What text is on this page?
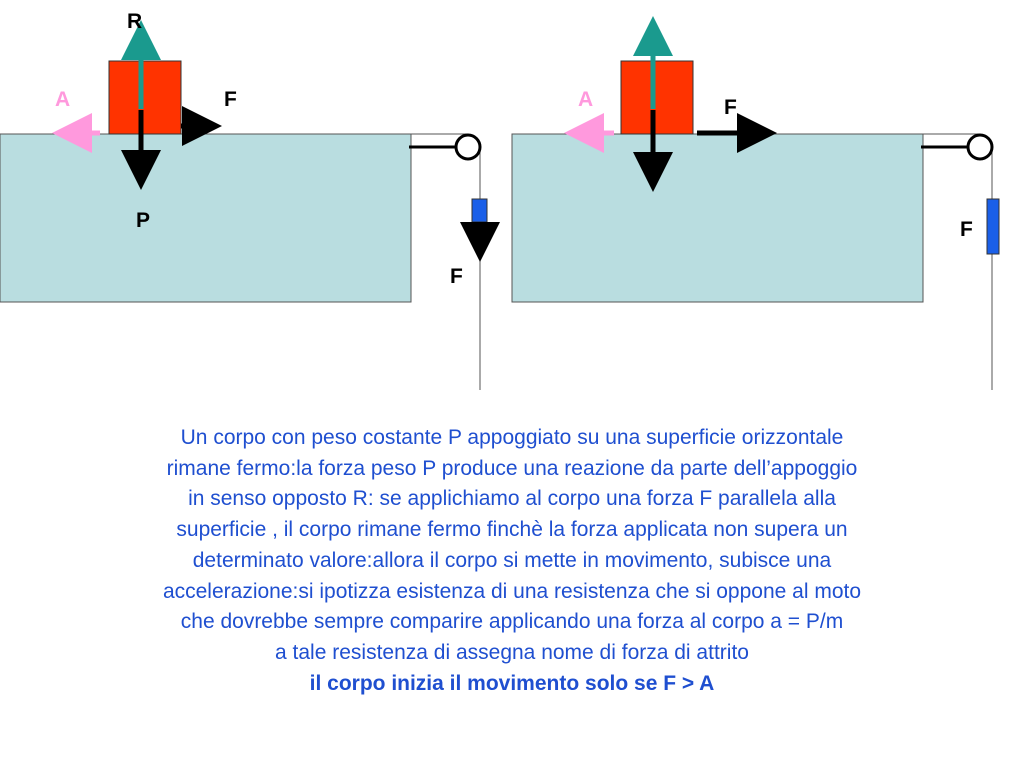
R
A	F
P
F
A	F
F
Un corpo con peso costante P appoggiato su una superficie orizzontale
rimane fermo:la forza peso P produce una reazione da parte dell’appoggio
in senso opposto R: se applichiamo al corpo una forza F parallela alla
superficie , il corpo rimane fermo finchè la forza applicata non supera un
determinato valore:allora il corpo si mette in movimento, subisce una
accelerazione:si ipotizza esistenza di una resistenza che si oppone al moto
che dovrebbe sempre comparire applicando una forza al corpo a = P/m
a tale resistenza di assegna nome di forza di attrito
il corpo inizia il movimento solo se F > A
